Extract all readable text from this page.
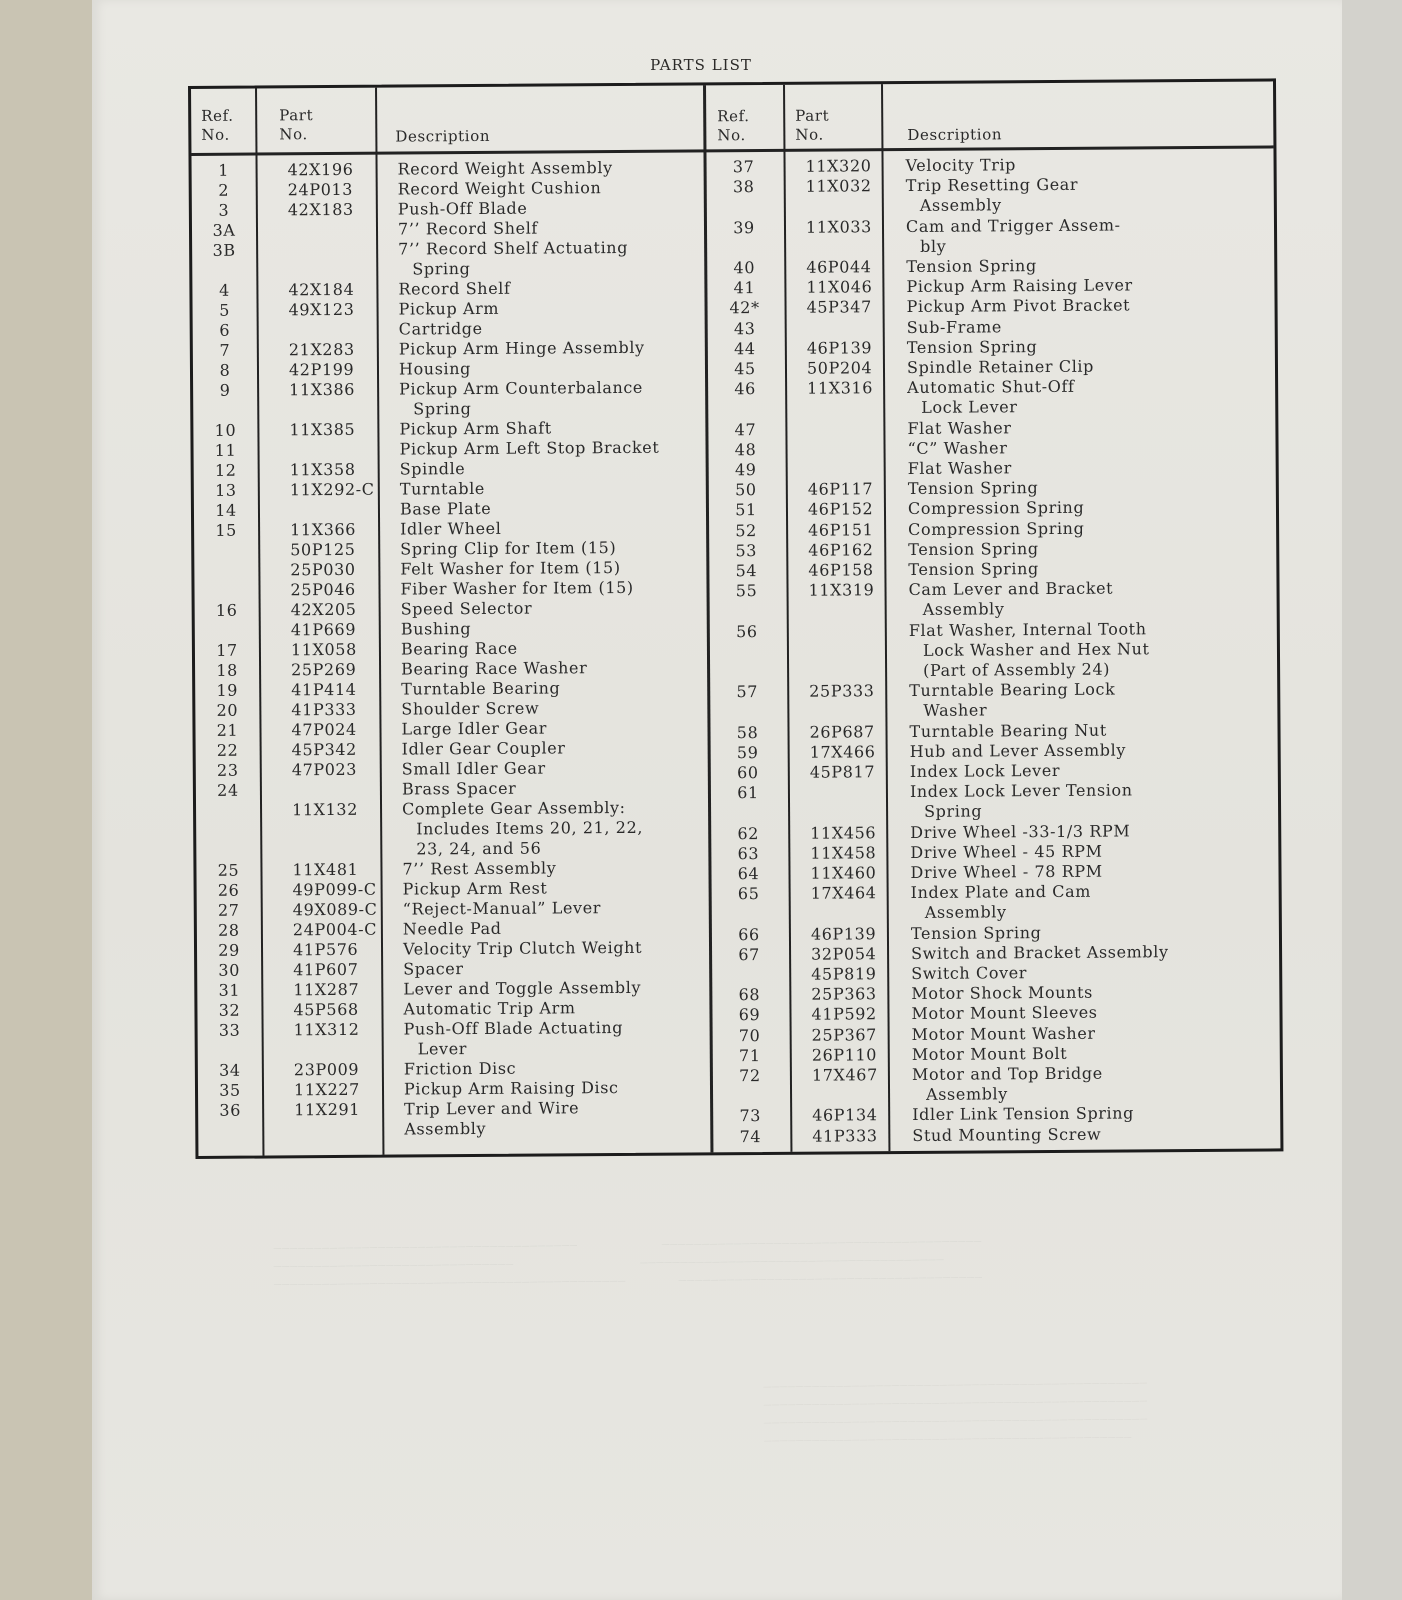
______________________________________                ________________________________________
______________________________                        ______________________________________
____________________________________________          ______________________________________

________________________________________________
________________________________________________
________________________________________________
______________________________________________

PARTS LIST
Ref.
No.
Part
No.	Description
Ref.
No.
Part
No.	Description
1	42X196	Record Weight Assembly
2	24P013	Record Weight Cushion
3	42X183	Push-Off Blade
3A	7’’ Record Shelf
3B	7’’ Record Shelf Actuating
Spring
4	42X184	Record Shelf
5	49X123	Pickup Arm
6	Cartridge
7	21X283	Pickup Arm Hinge Assembly
8	42P199	Housing
9	11X386	Pickup Arm Counterbalance
Spring
10	11X385	Pickup Arm Shaft
11	Pickup Arm Left Stop Bracket
12	11X358	Spindle
13	11X292-C Turntable
14	Base Plate
15	11X366	Idler Wheel
50P125	Spring Clip for Item (15)
25P030	Felt Washer for Item (15)
25P046	Fiber Washer for Item (15)
16	42X205	Speed Selector
41P669	Bushing
17	11X058	Bearing Race
18	25P269	Bearing Race Washer
19	41P414	Turntable Bearing
20	41P333	Shoulder Screw
21	47P024	Large Idler Gear
22	45P342	Idler Gear Coupler
23	47P023	Small Idler Gear
24	Brass Spacer
11X132	Complete Gear Assembly:
Includes Items 20, 21, 22,
23, 24, and 56
25	11X481	7’’ Rest Assembly
26	49P099-C Pickup Arm Rest
27	49X089-C “Reject-Manual” Lever
28	24P004-C Needle Pad
29	41P576	Velocity Trip Clutch Weight
30	41P607	Spacer
31	11X287	Lever and Toggle Assembly
32	45P568	Automatic Trip Arm
33	11X312	Push-Off Blade Actuating
Lever
34	23P009	Friction Disc
35	11X227	Pickup Arm Raising Disc
36	11X291	Trip Lever and Wire
Assembly
37	11X320 Velocity Trip
38	11X032 Trip Resetting Gear
Assembly
39	11X033 Cam and Trigger Assem-
bly
40	46P044 Tension Spring
41	11X046 Pickup Arm Raising Lever
42*	45P347 Pickup Arm Pivot Bracket
43	Sub-Frame
44	46P139 Tension Spring
45	50P204 Spindle Retainer Clip
46	11X316 Automatic Shut-Off
Lock Lever
47	Flat Washer
48	“C” Washer
49	Flat Washer
50	46P117 Tension Spring
51	46P152 Compression Spring
52	46P151 Compression Spring
53	46P162 Tension Spring
54	46P158 Tension Spring
55	11X319 Cam Lever and Bracket
Assembly
56	Flat Washer, Internal Tooth
Lock Washer and Hex Nut
(Part of Assembly 24)
57	25P333 Turntable Bearing Lock
Washer
58	26P687 Turntable Bearing Nut
59	17X466 Hub and Lever Assembly
60	45P817 Index Lock Lever
61	Index Lock Lever Tension
Spring
62	11X456 Drive Wheel -33-1/3 RPM
63	11X458 Drive Wheel - 45 RPM
64	11X460 Drive Wheel - 78 RPM
65	17X464 Index Plate and Cam
Assembly
66	46P139 Tension Spring
67	32P054 Switch and Bracket Assembly
45P819 Switch Cover
68	25P363 Motor Shock Mounts
69	41P592 Motor Mount Sleeves
70	25P367 Motor Mount Washer
71	26P110 Motor Mount Bolt
72	17X467 Motor and Top Bridge
Assembly
73	46P134 Idler Link Tension Spring
74	41P333 Stud Mounting Screw
